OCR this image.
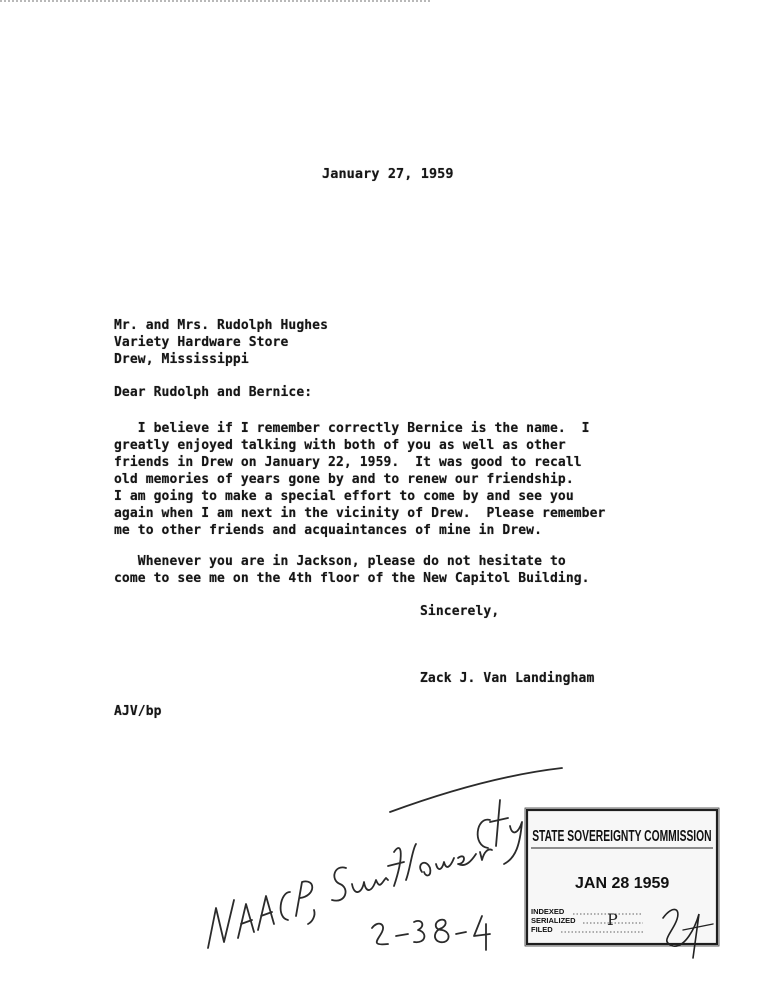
January 27, 1959
Mr. and Mrs. Rudolph Hughes
Variety Hardware Store
Drew, Mississippi
Dear Rudolph and Bernice:
I believe if I remember correctly Bernice is the name.  I
greatly enjoyed talking with both of you as well as other
friends in Drew on January 22, 1959.  It was good to recall
old memories of years gone by and to renew our friendship.
I am going to make a special effort to come by and see you
again when I am next in the vicinity of Drew.  Please remember
me to other friends and acquaintances of mine in Drew.
Whenever you are in Jackson, please do not hesitate to
come to see me on the 4th floor of the New Capitol Building.
Sincerely,
Zack J. Van Landingham
AJV/bp
STATE SOVEREIGNTY COMMISSION
JAN 28 1959
INDEXED
SERIALIZED
FILED
P
